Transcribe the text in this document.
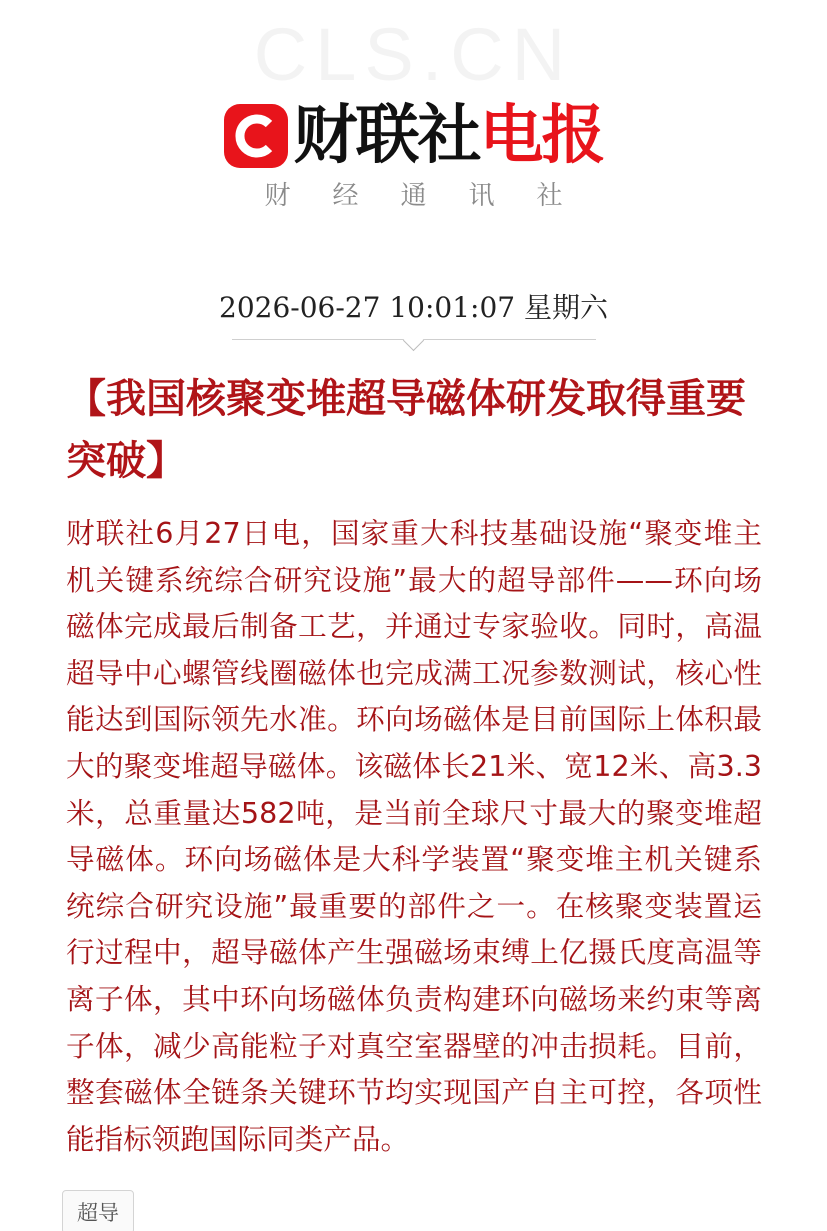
CLS.CN
财联社电报
财经通讯社
2026-06-27 10:01:07 星期六
【我国核聚变堆超导磁体研发取得重要突破】

财联社6月27日电，国家重大科技基础设施“聚变堆主机关键系统综合研究设施”最大的超导部件——环向场磁体完成最后制备工艺，并通过专家验收。同时，高温超导中心螺管线圈磁体也完成满工况参数测试，核心性能达到国际领先水准。环向场磁体是目前国际上体积最大的聚变堆超导磁体。该磁体长21米、宽12米、高3.3米，总重量达582吨，是当前全球尺寸最大的聚变堆超导磁体。环向场磁体是大科学装置“聚变堆主机关键系统综合研究设施”最重要的部件之一。在核聚变装置运行过程中，超导磁体产生强磁场束缚上亿摄氏度高温等离子体，其中环向场磁体负责构建环向磁场来约束等离子体，减少高能粒子对真空室器壁的冲击损耗。目前，整套磁体全链条关键环节均实现国产自主可控，各项性能指标领跑国际同类产品。

超导
